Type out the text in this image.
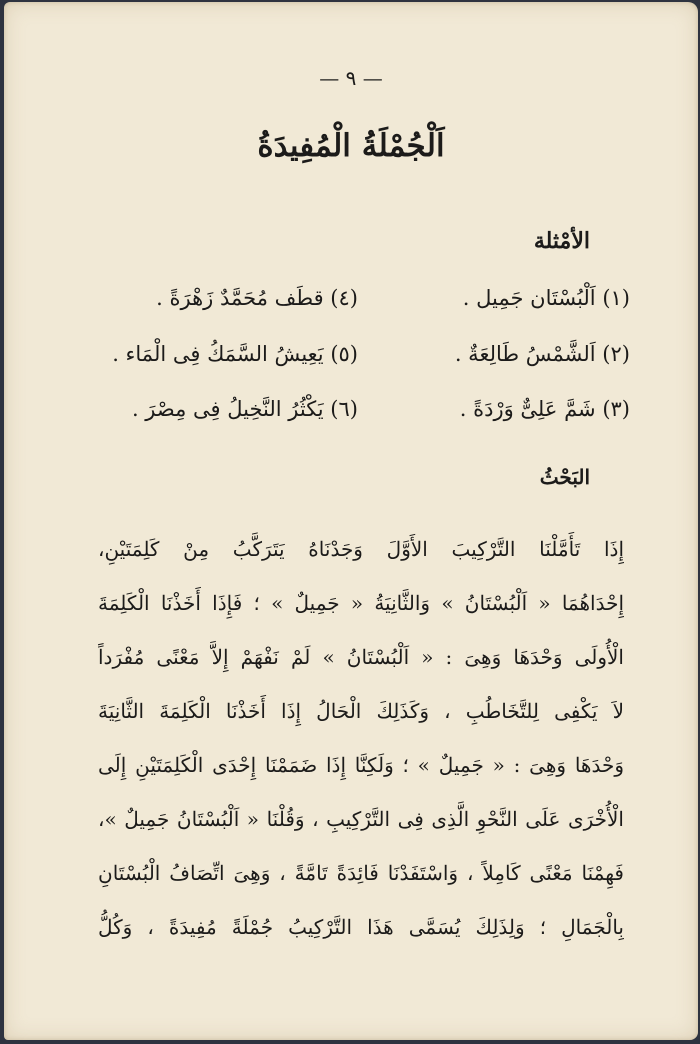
— ٩ —
اَلْجُمْلَةُ الْمُفِيدَةُ
الأمْثلة
(١) اَلْبُسْتَان جَمِيل .
(٤) قطَف مُحَمَّدٌ زَهْرَةً .
(٢) اَلشَّمْسُ طَالِعَةٌ .
(٥) يَعِيشُ السَّمَكُ فِى الْمَاء .
(٣) شَمَّ عَلِىٌّ وَرْدَةً .
(٦) يَكْثُرُ النَّخِيلُ فِى مِصْرَ .
البَحْثُ
إِذَا تَأَمَّلْنَا التَّرْكِيبَ الأَوَّلَ وَجَدْنَاهُ يَتَرَكَّبُ مِنْ كَلِمَتَيْنِ،
إِحْدَاهُمَا « اَلْبُسْتَانُ » وَالثَّانِيَةُ « جَمِيلٌ » ؛ فَإِذَا أَخَذْنَا الْكَلِمَةَ
الْأُولَى وَحْدَهَا وَهِىَ : « اَلْبُسْتَانُ » لَمْ نَفْهَمْ إِلاَّ مَعْنًى مُفْرَداً
لاَ يَكْفِى لِلتَّخَاطُبِ ، وَكَذَلِكَ الْحَالُ إِذَا أَخَذْنَا الْكَلِمَةَ الثَّانِيَةَ
وَحْدَهَا وَهِىَ : « جَمِيلٌ » ؛ وَلَكِنَّا إِذَا ضَمَمْنَا إِحْدَى الْكَلِمَتَيْنِ إِلَى
الْأُخْرَى عَلَى النَّحْوِ الَّذِى فِى التَّرْكِيبِ ، وَقُلْنَا « اَلْبُسْتَانُ جَمِيلٌ »،
فَهِمْنَا مَعْنًى كَامِلاً ، وَاسْتَفَدْنَا فَائِدَةً تَامَّةً ، وَهِىَ اتِّصَافُ الْبُسْتَانِ
بِالْجَمَالِ ؛ وَلِذَلِكَ يُسَمَّى هَذَا التَّرْكِيبُ جُمْلَةً مُفِيدَةً ، وَكُلُّ
